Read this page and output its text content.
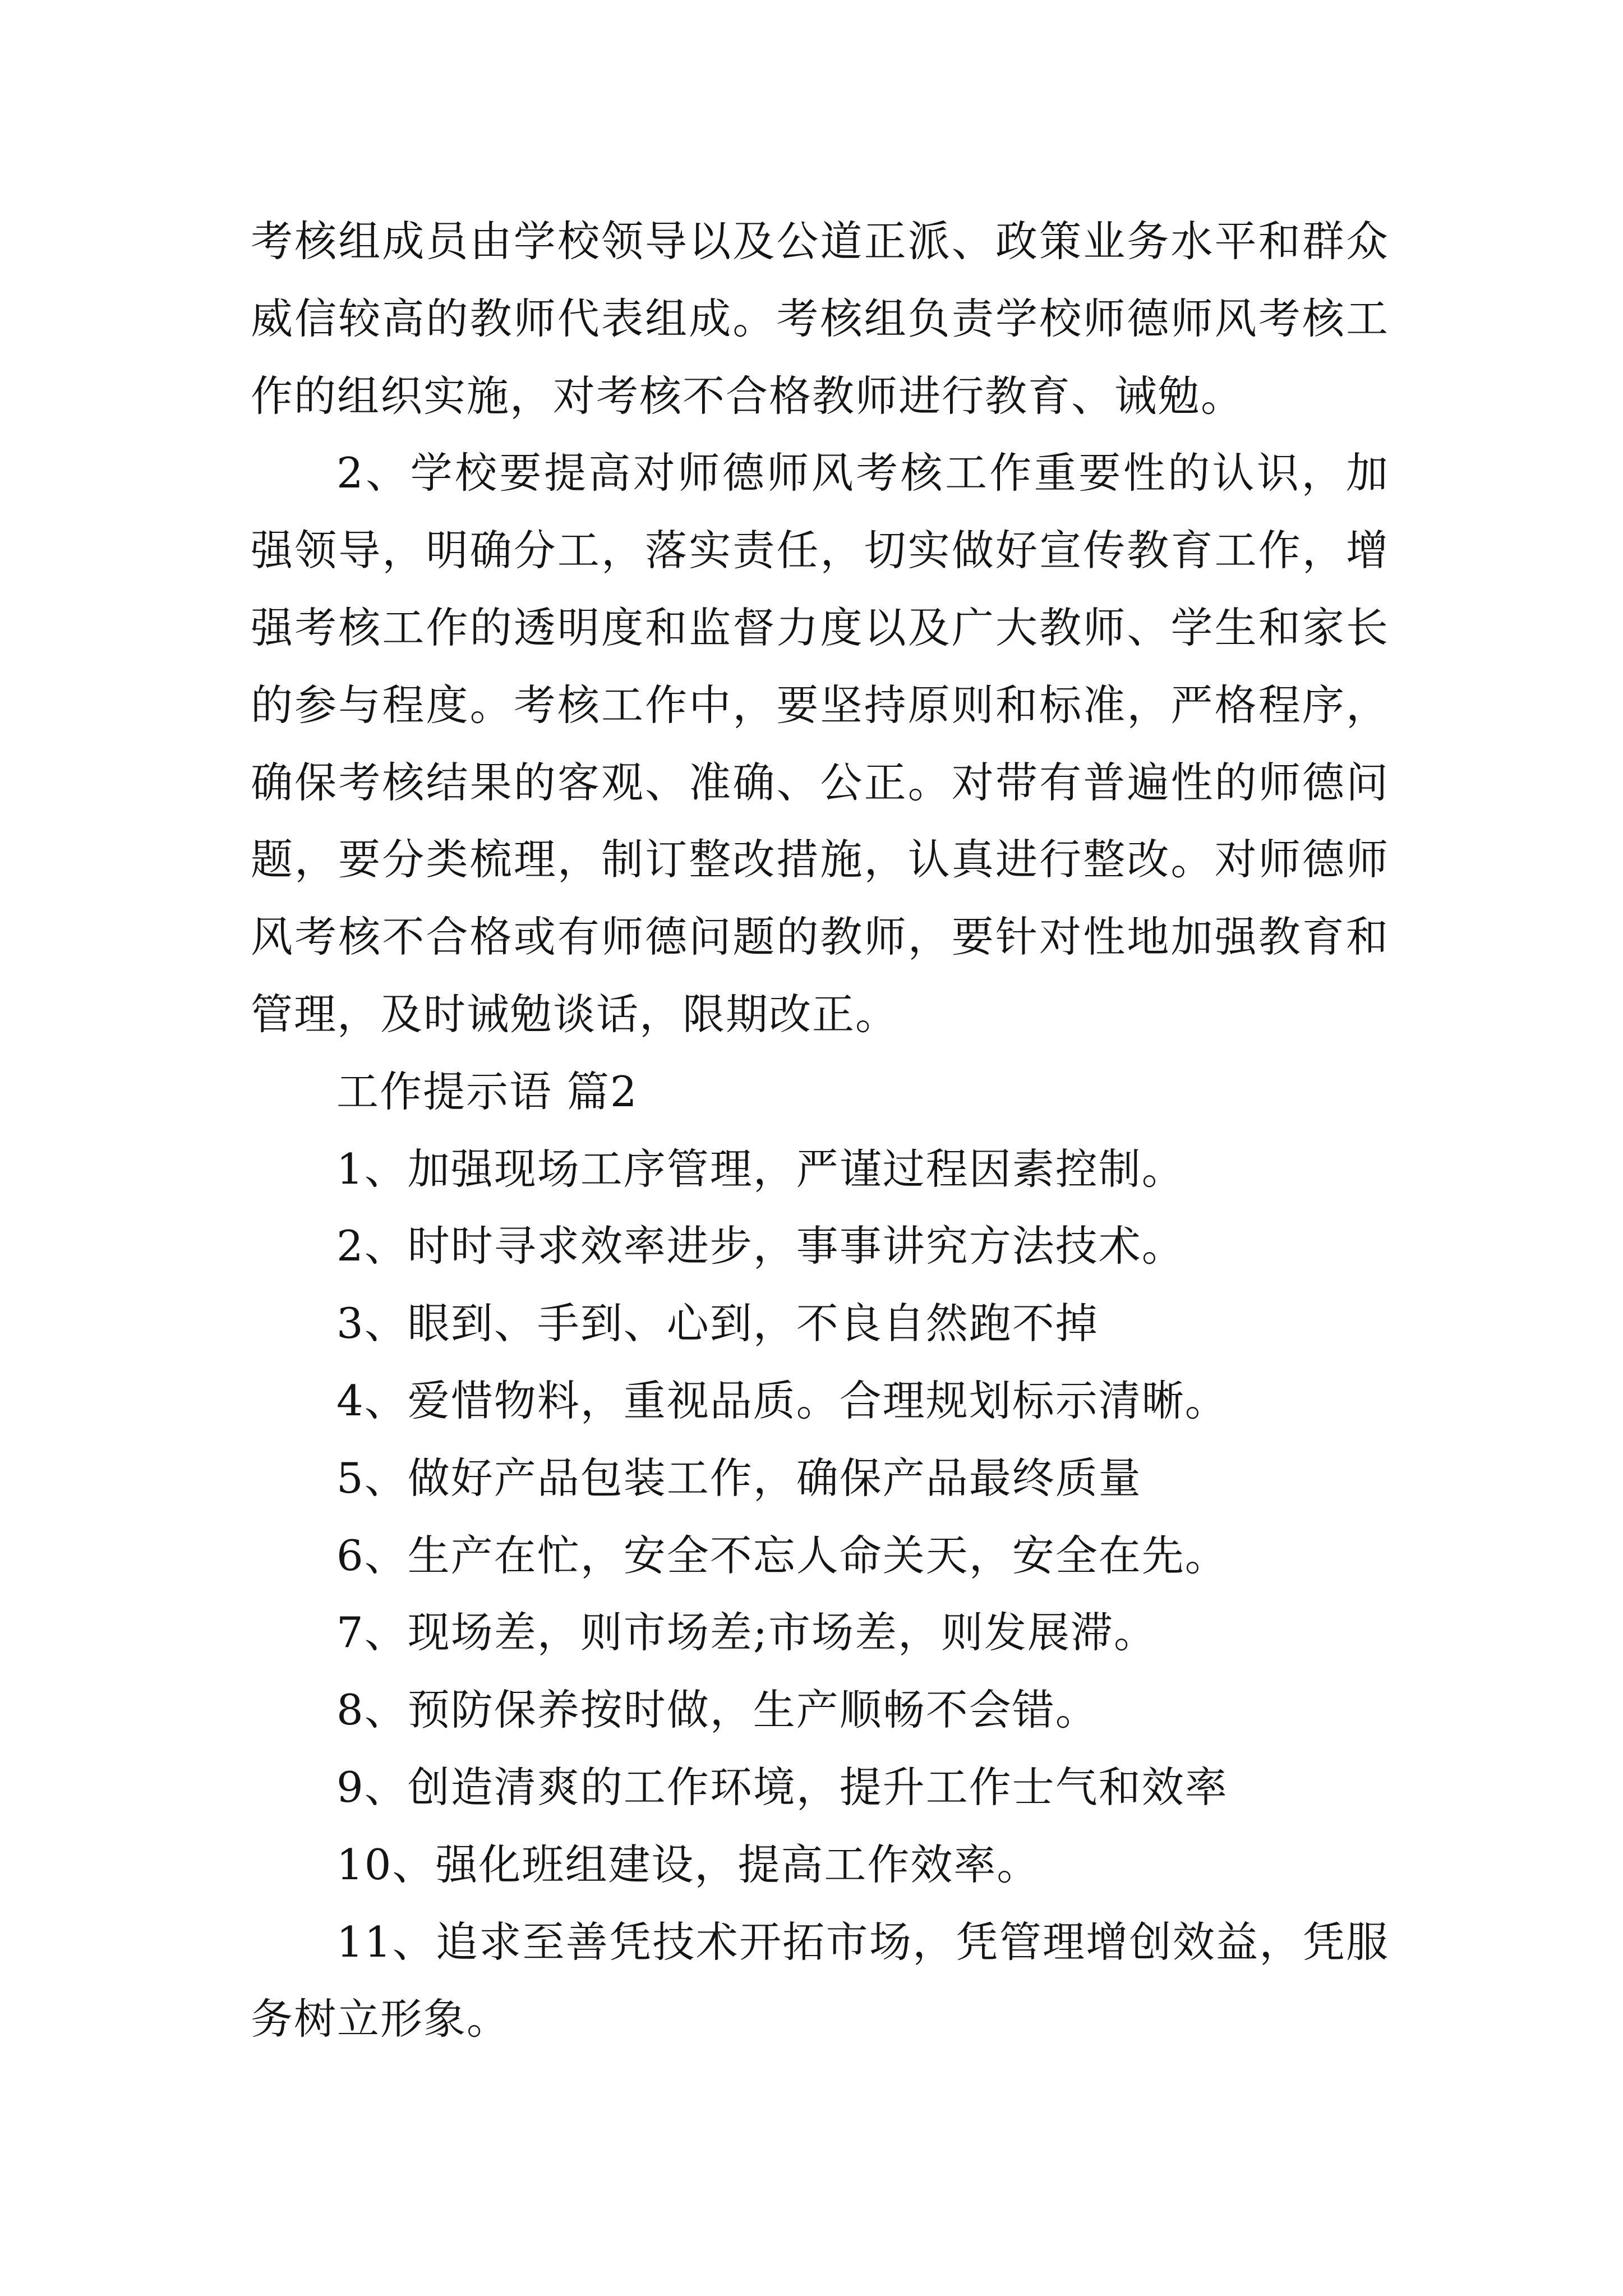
考核组成员由学校领导以及公道正派、政策业务水平和群众
威信较高的教师代表组成。考核组负责学校师德师风考核工
作的组织实施，对考核不合格教师进行教育、诫勉。
2、学校要提高对师德师风考核工作重要性的认识，加
强领导，明确分工，落实责任，切实做好宣传教育工作，增
强考核工作的透明度和监督力度以及广大教师、学生和家长
的参与程度。考核工作中，要坚持原则和标准，严格程序，
确保考核结果的客观、准确、公正。对带有普遍性的师德问
题，要分类梳理，制订整改措施，认真进行整改。对师德师
风考核不合格或有师德问题的教师，要针对性地加强教育和
管理，及时诫勉谈话，限期改正。
工作提示语 篇2
1、加强现场工序管理，严谨过程因素控制。
2、时时寻求效率进步，事事讲究方法技术。
3、眼到、手到、心到，不良自然跑不掉
4、爱惜物料，重视品质。合理规划标示清晰。
5、做好产品包装工作，确保产品最终质量
6、生产在忙，安全不忘人命关天，安全在先。
7、现场差，则市场差;市场差，则发展滞。
8、预防保养按时做，生产顺畅不会错。
9、创造清爽的工作环境，提升工作士气和效率
10、强化班组建设，提高工作效率。
11、追求至善凭技术开拓市场，凭管理增创效益，凭服
务树立形象。
